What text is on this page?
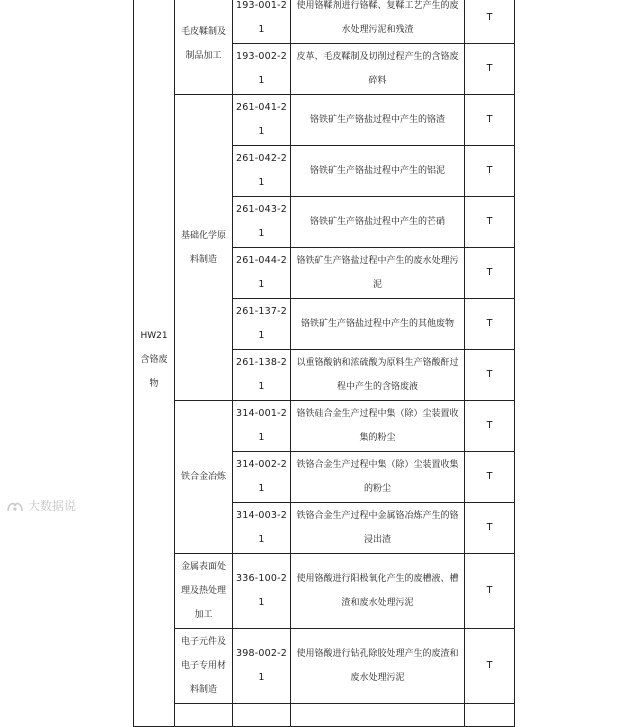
HW21
含铬废物	毛皮鞣制及制品加工	193-001-21	使用铬鞣剂进行铬鞣、复鞣工艺产生的废水处理污泥和残渣	T
		193-002-21	皮革、毛皮鞣制及切削过程产生的含铬废碎料	T
	基础化学原料制造	261-041-21	铬铁矿生产铬盐过程中产生的铬渣	T
		261-042-21	铬铁矿生产铬盐过程中产生的铝泥	T
		261-043-21	铬铁矿生产铬盐过程中产生的芒硝	T
		261-044-21	铬铁矿生产铬盐过程中产生的废水处理污泥	T
		261-137-21	铬铁矿生产铬盐过程中产生的其他废物	T
		261-138-21	以重铬酸钠和浓硫酸为原料生产铬酸酐过程中产生的含铬废液	T
	铁合金冶炼	314-001-21	铬铁硅合金生产过程中集（除）尘装置收集的粉尘	T
		314-002-21	铁铬合金生产过程中集（除）尘装置收集的粉尘	T
		314-003-21	铁铬合金生产过程中金属铬冶炼产生的铬浸出渣	T
	金属表面处理及热处理加工	336-100-21	使用铬酸进行阳极氧化产生的废槽液、槽渣和废水处理污泥	T
	电子元件及电子专用材料制造	398-002-21	使用铬酸进行钻孔除胶处理产生的废渣和废水处理污泥	T

大数据说
